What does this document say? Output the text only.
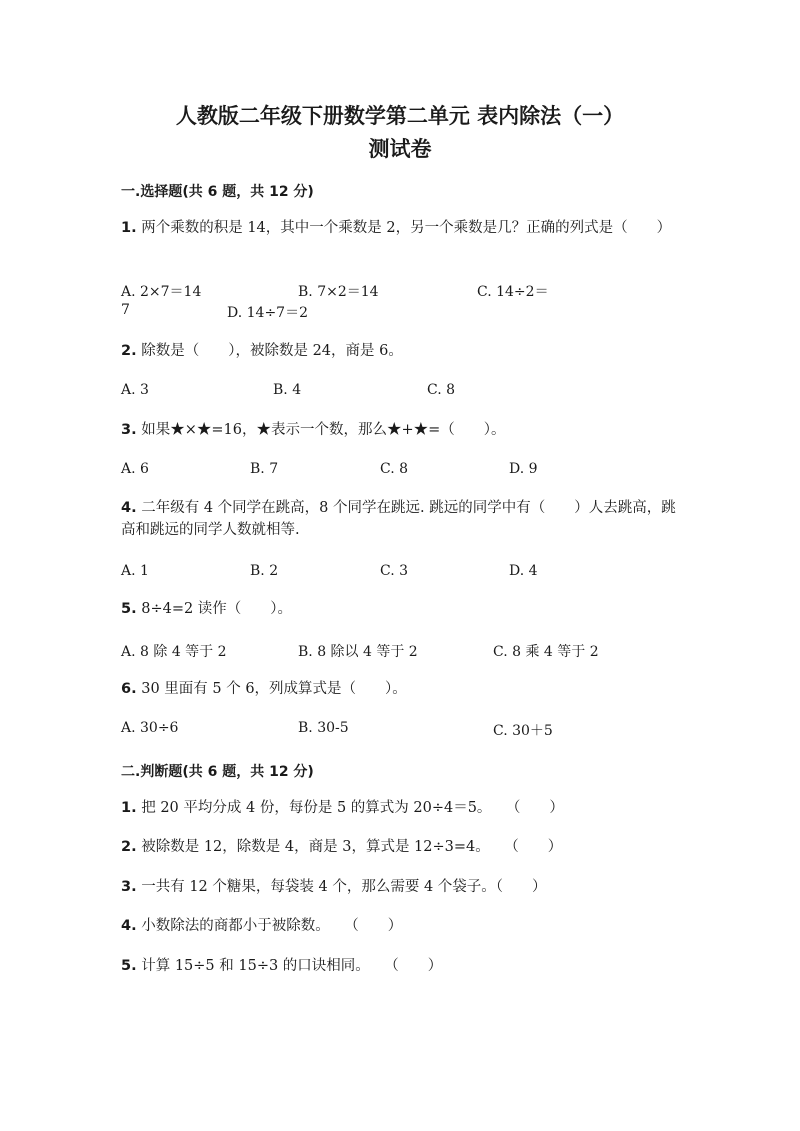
人教版二年级下册数学第二单元 表内除法（一）
测试卷
一.选择题(共 6 题，共 12 分)
1. 两个乘数的积是 14，其中一个乘数是 2，另一个乘数是几？正确的列式是（　　）
A. 2×7＝14	B. 7×2＝14	C. 14÷2＝
7	D. 14÷7＝2
2. 除数是（　　），被除数是 24，商是 6。
A. 3	B. 4	C. 8
3. 如果★×★=16，★表示一个数，那么★+★=（　　）。
A. 6	B. 7	C. 8	D. 9
4. 二年级有 4 个同学在跳高，8 个同学在跳远. 跳远的同学中有（　　）人去跳高，跳高和跳远的同学人数就相等.
A. 1	B. 2	C. 3	D. 4
5. 8÷4=2 读作（　　）。
A. 8 除 4 等于 2	B. 8 除以 4 等于 2	C. 8 乘 4 等于 2
6. 30 里面有 5 个 6，列成算式是（　　）。
A. 30÷6	B. 30-5	C. 30＋5
二.判断题(共 6 题，共 12 分)
1. 把 20 平均分成 4 份，每份是 5 的算式为 20÷4＝5。　　（　　）
2. 被除数是 12，除数是 4，商是 3，算式是 12÷3=4。　　（　　）
3. 一共有 12 个糖果，每袋装 4 个，那么需要 4 个袋子。（　　）
4. 小数除法的商都小于被除数。　　（　　）
5. 计算 15÷5 和 15÷3 的口诀相同。　　（　　）
